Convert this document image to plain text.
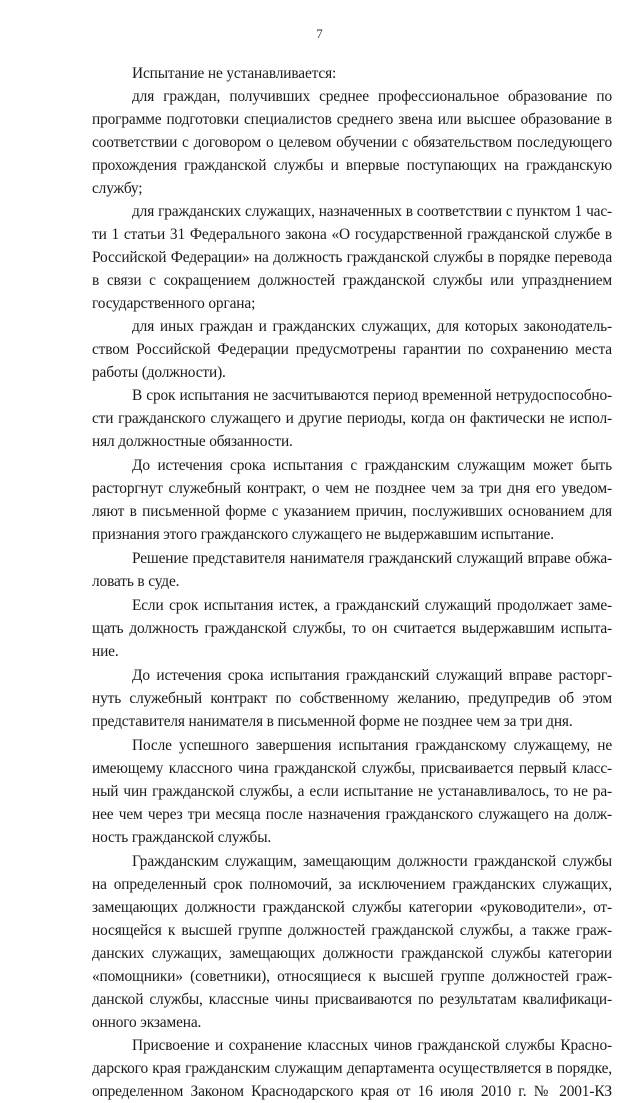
7
Испытание не устанавливается:
для граждан, получивших среднее профессиональное образование по
программе подготовки специалистов среднего звена или высшее образование в
соответствии с договором о целевом обучении с обязательством последующего
прохождения гражданской службы и впервые поступающих на гражданскую
службу;
для гражданских служащих, назначенных в соответствии с пунктом 1 час-
ти 1 статьи 31 Федерального закона «О государственной гражданской службе в
Российской Федерации» на должность гражданской службы в порядке перевода
в связи с сокращением должностей гражданской службы или упразднением
государственного органа;
для иных граждан и гражданских служащих, для которых законодатель-
ством Российской Федерации предусмотрены гарантии по сохранению места
работы (должности).
В срок испытания не засчитываются период временной нетрудоспособно-
сти гражданского служащего и другие периоды, когда он фактически не испол-
нял должностные обязанности.
До истечения срока испытания с гражданским служащим может быть
расторгнут служебный контракт, о чем не позднее чем за три дня его уведом-
ляют в письменной форме с указанием причин, послуживших основанием для
признания этого гражданского служащего не выдержавшим испытание.
Решение представителя нанимателя гражданский служащий вправе обжа-
ловать в суде.
Если срок испытания истек, а гражданский служащий продолжает заме-
щать должность гражданской службы, то он считается выдержавшим испыта-
ние.
До истечения срока испытания гражданский служащий вправе расторг-
нуть служебный контракт по собственному желанию, предупредив об этом
представителя нанимателя в письменной форме не позднее чем за три дня.
После успешного завершения испытания гражданскому служащему, не
имеющему классного чина гражданской службы, присваивается первый класс-
ный чин гражданской службы, а если испытание не устанавливалось, то не ра-
нее чем через три месяца после назначения гражданского служащего на долж-
ность гражданской службы.
Гражданским служащим, замещающим должности гражданской службы
на определенный срок полномочий, за исключением гражданских служащих,
замещающих должности гражданской службы категории «руководители», от-
носящейся к высшей группе должностей гражданской службы, а также граж-
данских служащих, замещающих должности гражданской службы категории
«помощники» (советники), относящиеся к высшей группе должностей граж-
данской службы, классные чины присваиваются по результатам квалификаци-
онного экзамена.
Присвоение и сохранение классных чинов гражданской службы Красно-
дарского края гражданским служащим департамента осуществляется в порядке,
определенном Законом Краснодарского края от 16 июля 2010 г. № 2001-КЗ
